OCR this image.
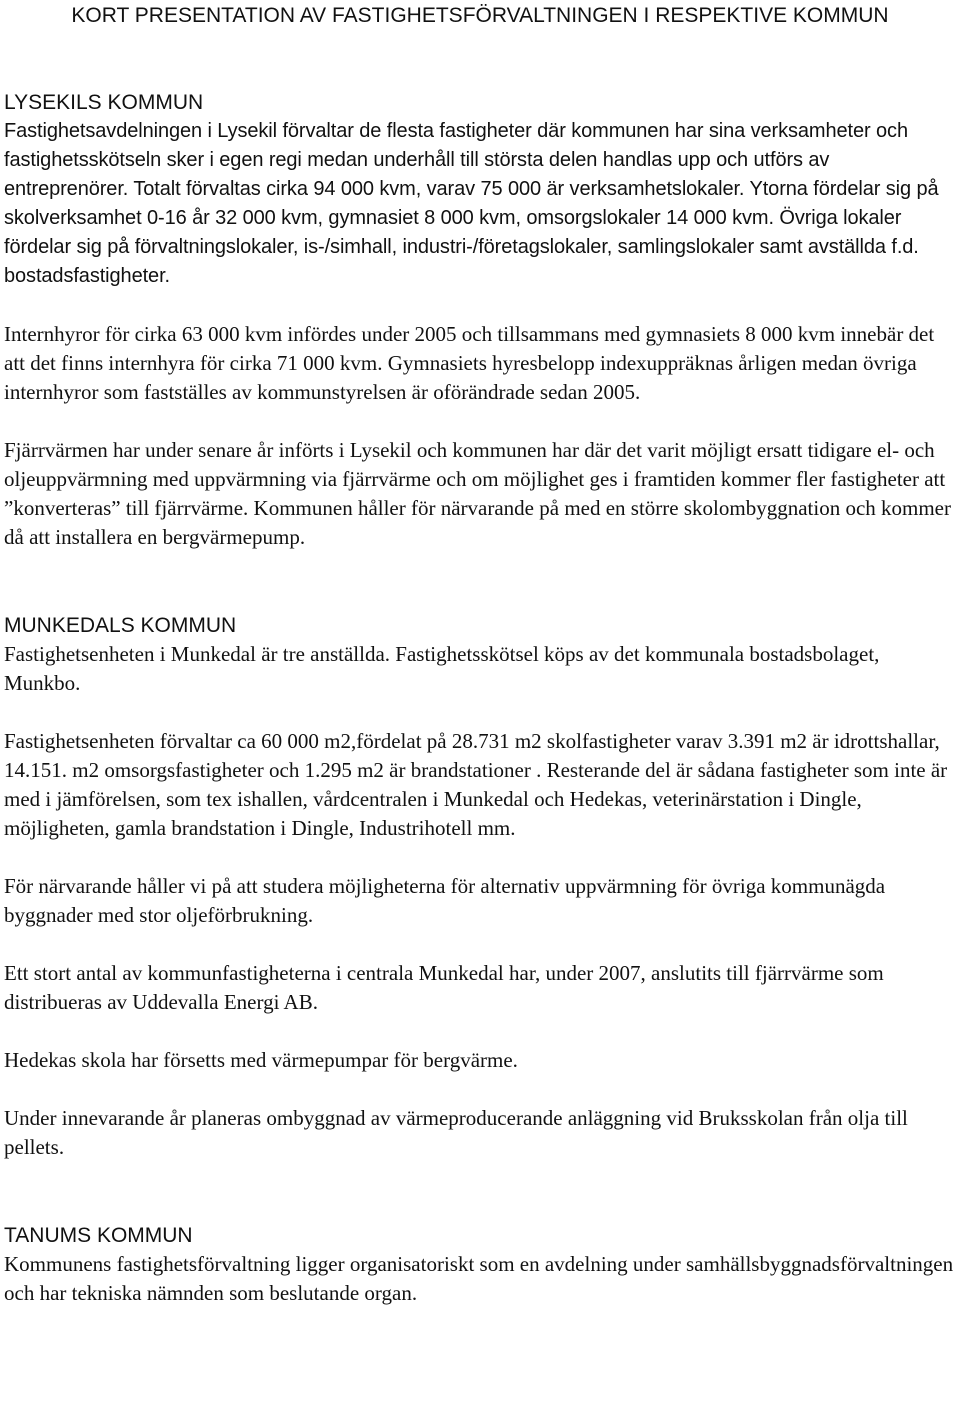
KORT PRESENTATION AV FASTIGHETSFÖRVALTNINGEN I RESPEKTIVE KOMMUN
LYSEKILS KOMMUN

Fastighetsavdelningen i Lysekil förvaltar de flesta fastigheter där kommunen har sina verksamheter och fastighetsskötseln sker i egen regi medan underhåll till största delen handlas upp och utförs av entreprenörer. Totalt förvaltas cirka 94 000 kvm, varav 75 000 är verksamhetslokaler. Ytorna fördelar sig på skolverksamhet 0-16 år 32 000 kvm, gymnasiet 8 000 kvm, omsorgslokaler 14 000 kvm. Övriga lokaler fördelar sig på förvaltningslokaler, is-/simhall, industri-/företagslokaler, samlingslokaler samt avställda f.d. bostadsfastigheter.

Internhyror för cirka 63 000 kvm infördes under 2005 och tillsammans med gymnasiets 8 000 kvm innebär det att det finns internhyra för cirka 71 000 kvm. Gymnasiets hyresbelopp indexuppräknas årligen medan övriga internhyror som fastställes av kommunstyrelsen är oförändrade sedan 2005.

Fjärrvärmen har under senare år införts i Lysekil och kommunen har där det varit möjligt ersatt tidigare el- och oljeuppvärmning med uppvärmning via fjärrvärme och om möjlighet ges i framtiden kommer fler fastigheter att ”konverteras” till fjärrvärme. Kommunen håller för närvarande på med en större skolombyggnation och kommer då att installera en bergvärmepump.

MUNKEDALS KOMMUN

Fastighetsenheten i Munkedal är tre anställda. Fastighetsskötsel köps av det kommunala bostadsbolaget, Munkbo.

Fastighetsenheten förvaltar ca 60 000 m2,fördelat på 28.731 m2 skolfastigheter varav 3.391 m2 är idrottshallar, 14.151. m2 omsorgsfastigheter och 1.295 m2 är brandstationer . Resterande del är sådana fastigheter som inte är med i jämförelsen, som tex ishallen, vårdcentralen i Munkedal och Hedekas, veterinärstation i Dingle, möjligheten, gamla brandstation i Dingle, Industrihotell mm.

För närvarande håller vi på att studera möjligheterna för alternativ uppvärmning för övriga kommunägda byggnader med stor oljeförbrukning.

Ett stort antal av kommunfastigheterna i centrala Munkedal har, under 2007, anslutits till fjärrvärme som distribueras av Uddevalla Energi AB.

Hedekas skola har försetts med värmepumpar för bergvärme.

Under innevarande år planeras ombyggnad av värmeproducerande anläggning vid Bruksskolan från olja till pellets.

TANUMS KOMMUN

Kommunens fastighetsförvaltning ligger organisatoriskt som en avdelning under samhällsbyggnadsförvaltningen och har tekniska nämnden som beslutande organ.
